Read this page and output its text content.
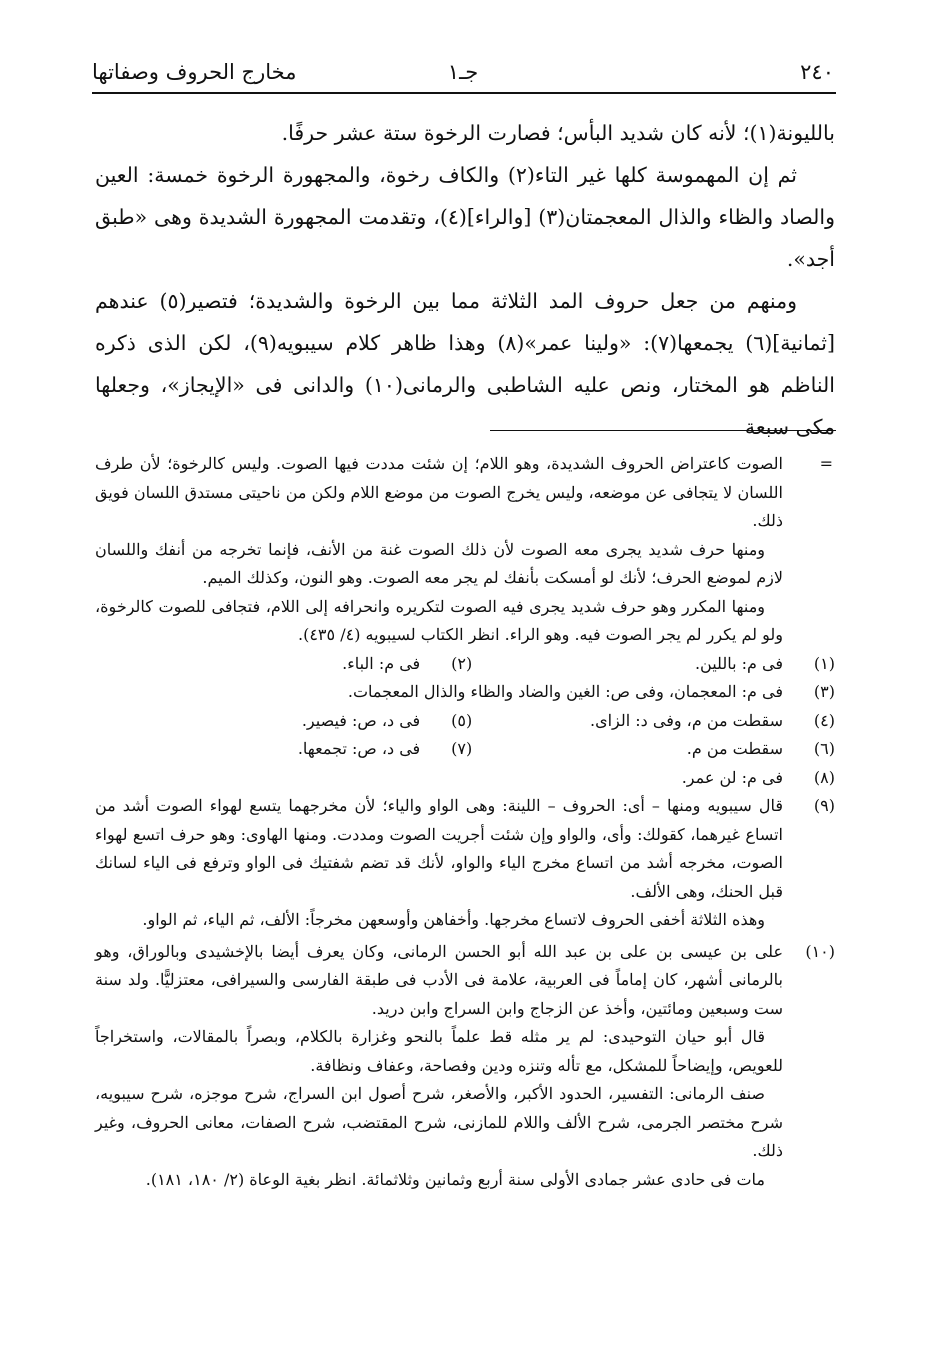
٢٤٠
جـ١
مخارج الحروف وصفاتها

بالليونة(١)؛ لأنه كان شديد البأس؛ فصارت الرخوة ستة عشر حرفًا.

ثم إن المهموسة كلها غير التاء(٢) والكاف رخوة، والمجهورة الرخوة خمسة: العين والصاد والظاء والذال المعجمتان(٣) [والراء](٤)، وتقدمت المجهورة الشديدة وهى «طبق أجد».

ومنهم من جعل حروف المد الثلاثة مما بين الرخوة والشديدة؛ فتصير(٥) عندهم [ثمانية](٦) يجمعها(٧): «ولينا عمر»(٨) وهذا ظاهر كلام سيبويه(٩)، لكن الذى ذكره الناظم هو المختار، ونص عليه الشاطبى والرمانى(١٠) والدانى فى «الإيجاز»، وجعلها مكى سبعة

=

الصوت كاعتراض الحروف الشديدة، وهو اللام؛ إن شئت مددت فيها الصوت. وليس كالرخوة؛ لأن طرف اللسان لا يتجافى عن موضعه، وليس يخرج الصوت من موضع اللام ولكن من ناحيتى مستدق اللسان فويق ذلك.

ومنها حرف شديد يجرى معه الصوت لأن ذلك الصوت غنة من الأنف، فإنما تخرجه من أنفك واللسان لازم لموضع الحرف؛ لأنك لو أمسكت بأنفك لم يجر معه الصوت. وهو النون، وكذلك الميم.

ومنها المكرر وهو حرف شديد يجرى فيه الصوت لتكريره وانحرافه إلى اللام، فتجافى للصوت كالرخوة، ولو لم يكرر لم يجر الصوت فيه. وهو الراء. انظر الكتاب لسيبويه (٤/ ٤٣٥).

(١)
فى م: باللين.
(٢)
فى م: الباء.
(٣)
فى م: المعجمان، وفى ص: الغين والضاد والظاء والذال المعجمات.
(٤)
سقطت من م، وفى د: الزاى.
(٥)
فى د، ص: فيصير.
(٦)
سقطت من م.
(٧)
فى د، ص: تجمعها.
(٨)
فى م: لن عمر.
(٩)

قال سيبويه ومنها – أى: الحروف – اللينة: وهى الواو والياء؛ لأن مخرجهما يتسع لهواء الصوت أشد من اتساع غيرهما، كقولك: وأى، والواو وإن شئت أجريت الصوت ومددت. ومنها الهاوى: وهو حرف اتسع لهواء الصوت، مخرجه أشد من اتساع مخرج الياء والواو، لأنك قد تضم شفتيك فى الواو وترفع فى الياء لسانك قبل الحنك، وهى الألف.

وهذه الثلاثة أخفى الحروف لاتساع مخرجها. وأخفاهن وأوسعهن مخرجاً: الألف، ثم الياء، ثم الواو.

(١٠)

على بن عيسى بن على بن عبد الله أبو الحسن الرمانى، وكان يعرف أيضا بالإخشيدى وبالوراق، وهو بالرمانى أشهر، كان إماماً فى العربية، علامة فى الأدب فى طبقة الفارسى والسيرافى، معتزليًّا. ولد سنة ست وسبعين ومائتين، وأخذ عن الزجاج وابن السراج وابن دريد.

قال أبو حيان التوحيدى: لم ير مثله قط علماً بالنحو وغزارة بالكلام، وبصراً بالمقالات، واستخراجاً للعويص، وإيضاحاً للمشكل، مع تأله وتنزه ودين وفصاحة، وعفاف ونظافة.

صنف الرمانى: التفسير، الحدود الأكبر، والأصغر، شرح أصول ابن السراج، شرح موجزه، شرح سيبويه، شرح مختصر الجرمى، شرح الألف واللام للمازنى، شرح المقتضب، شرح الصفات، معانى الحروف، وغير ذلك.

مات فى حادى عشر جمادى الأولى سنة أربع وثمانين وثلاثمائة. انظر بغية الوعاة (٢/ ١٨٠، ١٨١).
